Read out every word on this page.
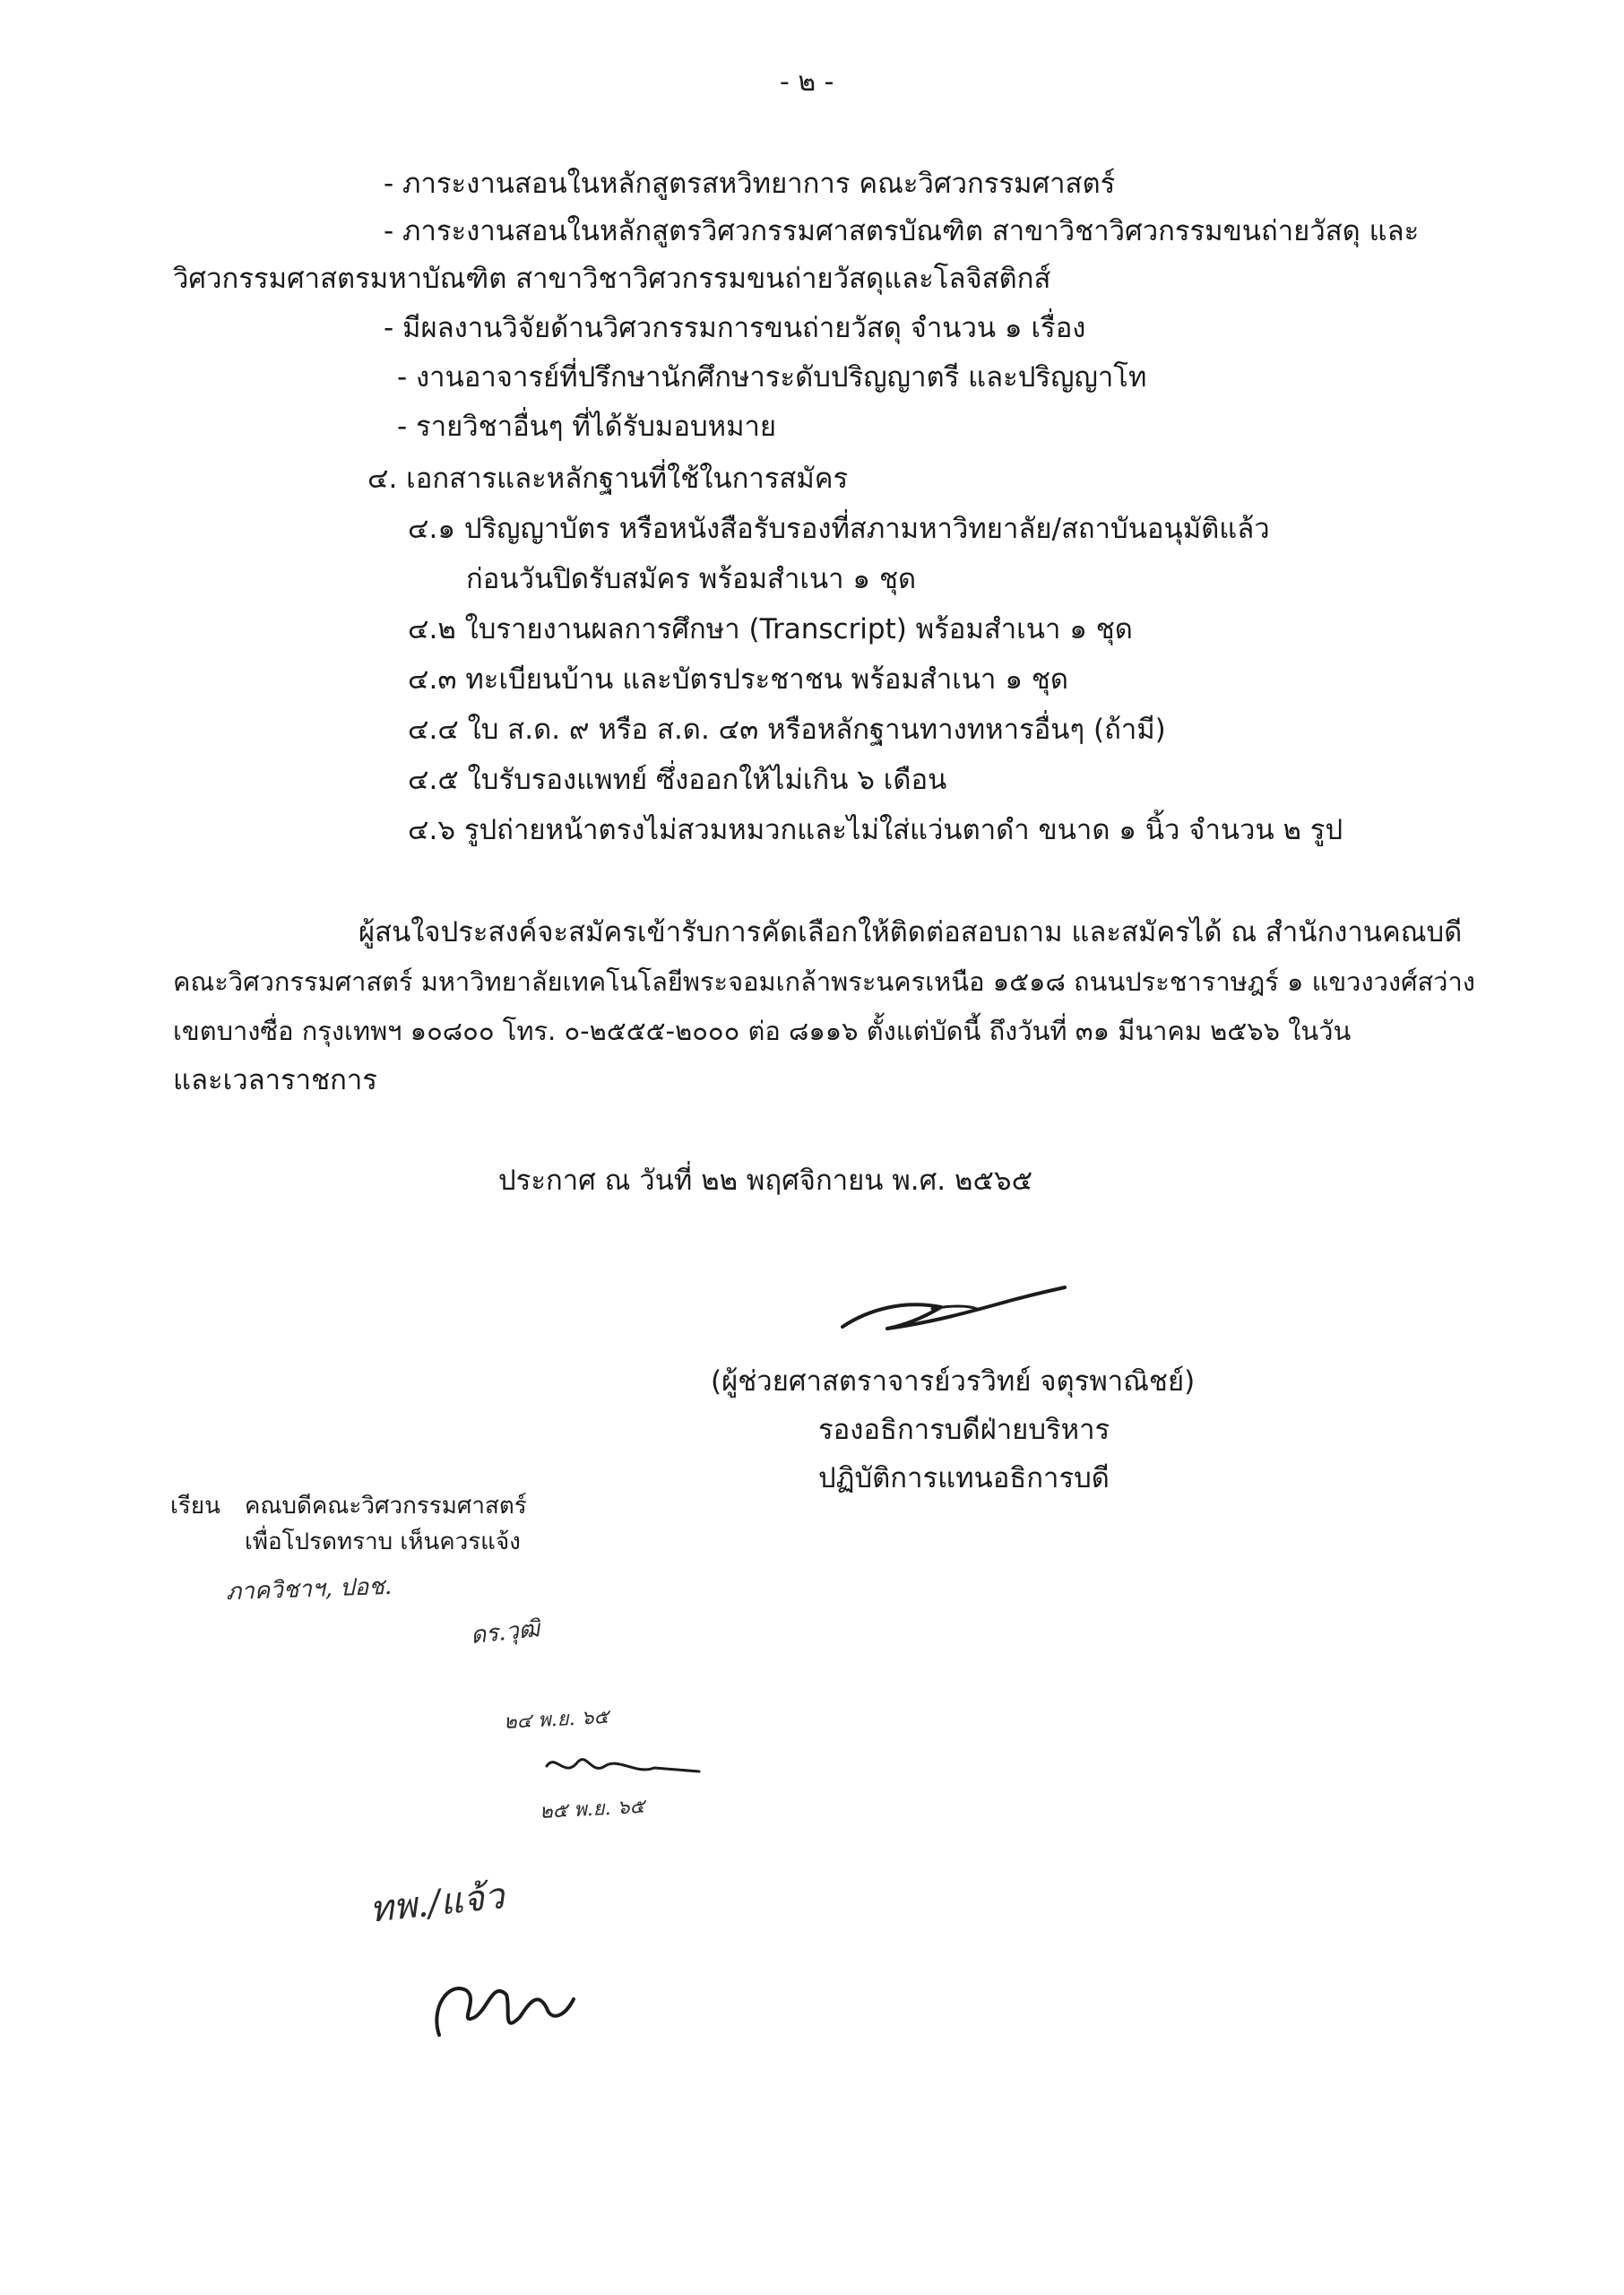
- ๒ -
- ภาระงานสอนในหลักสูตรสหวิทยาการ คณะวิศวกรรมศาสตร์
- ภาระงานสอนในหลักสูตรวิศวกรรมศาสตรบัณฑิต สาขาวิชาวิศวกรรมขนถ่ายวัสดุ และ
วิศวกรรมศาสตรมหาบัณฑิต สาขาวิชาวิศวกรรมขนถ่ายวัสดุและโลจิสติกส์
- มีผลงานวิจัยด้านวิศวกรรมการขนถ่ายวัสดุ จำนวน ๑ เรื่อง
- งานอาจารย์ที่ปรึกษานักศึกษาระดับปริญญาตรี และปริญญาโท
- รายวิชาอื่นๆ ที่ได้รับมอบหมาย
๔. เอกสารและหลักฐานที่ใช้ในการสมัคร
๔.๑ ปริญญาบัตร หรือหนังสือรับรองที่สภามหาวิทยาลัย/สถาบันอนุมัติแล้ว
ก่อนวันปิดรับสมัคร พร้อมสำเนา ๑ ชุด
๔.๒ ใบรายงานผลการศึกษา (Transcript) พร้อมสำเนา ๑ ชุด
๔.๓ ทะเบียนบ้าน และบัตรประชาชน พร้อมสำเนา ๑ ชุด
๔.๔ ใบ ส.ด. ๙ หรือ ส.ด. ๔๓ หรือหลักฐานทางทหารอื่นๆ (ถ้ามี)
๔.๕ ใบรับรองแพทย์ ซึ่งออกให้ไม่เกิน ๖ เดือน
๔.๖ รูปถ่ายหน้าตรงไม่สวมหมวกและไม่ใส่แว่นตาดำ ขนาด ๑ นิ้ว จำนวน ๒ รูป
ผู้สนใจประสงค์จะสมัครเข้ารับการคัดเลือกให้ติดต่อสอบถาม และสมัครได้ ณ สำนักงานคณบดี
คณะวิศวกรรมศาสตร์ มหาวิทยาลัยเทคโนโลยีพระจอมเกล้าพระนครเหนือ ๑๕๑๘ ถนนประชาราษฎร์ ๑ แขวงวงศ์สว่าง
เขตบางซื่อ กรุงเทพฯ ๑๐๘๐๐ โทร. ๐-๒๕๕๕-๒๐๐๐ ต่อ ๘๑๑๖ ตั้งแต่บัดนี้ ถึงวันที่ ๓๑ มีนาคม ๒๕๖๖ ในวัน
และเวลาราชการ
ประกาศ ณ วันที่ ๒๒ พฤศจิกายน พ.ศ. ๒๕๖๕
(ผู้ช่วยศาสตราจารย์วรวิทย์ จตุรพาณิชย์)
รองอธิการบดีฝ่ายบริหาร
ปฏิบัติการแทนอธิการบดี
เรียน คณบดีคณะวิศวกรรมศาสตร์
เพื่อโปรดทราบ เห็นควรแจ้ง
ภาควิชาฯ, ปอช.
ดร.วุฒิ
๒๔ พ.ย. ๖๕
๒๕ พ.ย. ๖๕
ทพ./แจ้ว
